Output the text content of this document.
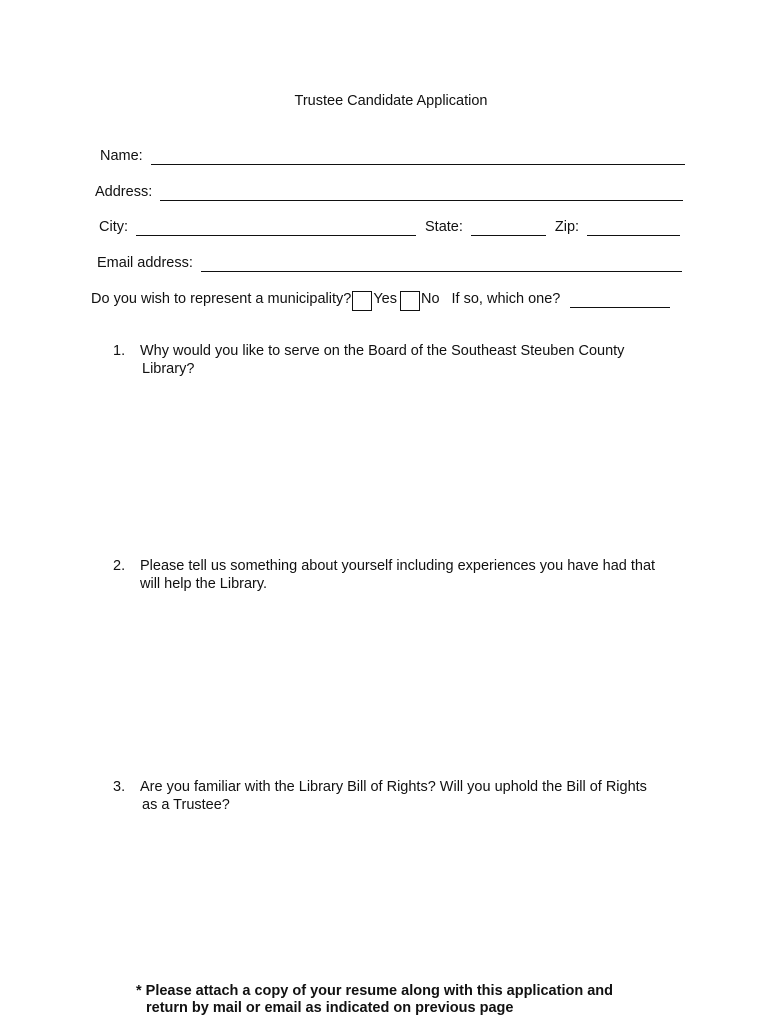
Trustee Candidate Application
Name:
Address:
City:	State:	Zip:
Email address:
Do you wish to represent a municipality? Yes No If so, which one?
1.	Why would you like to serve on the Board of the Southeast Steuben County
Library?
2.	Please tell us something about yourself including experiences you have had that
will help the Library.
3.	Are you familiar with the Library Bill of Rights? Will you uphold the Bill of Rights
as a Trustee?
* Please attach a copy of your resume along with this application and
return by mail or email as indicated on previous page
